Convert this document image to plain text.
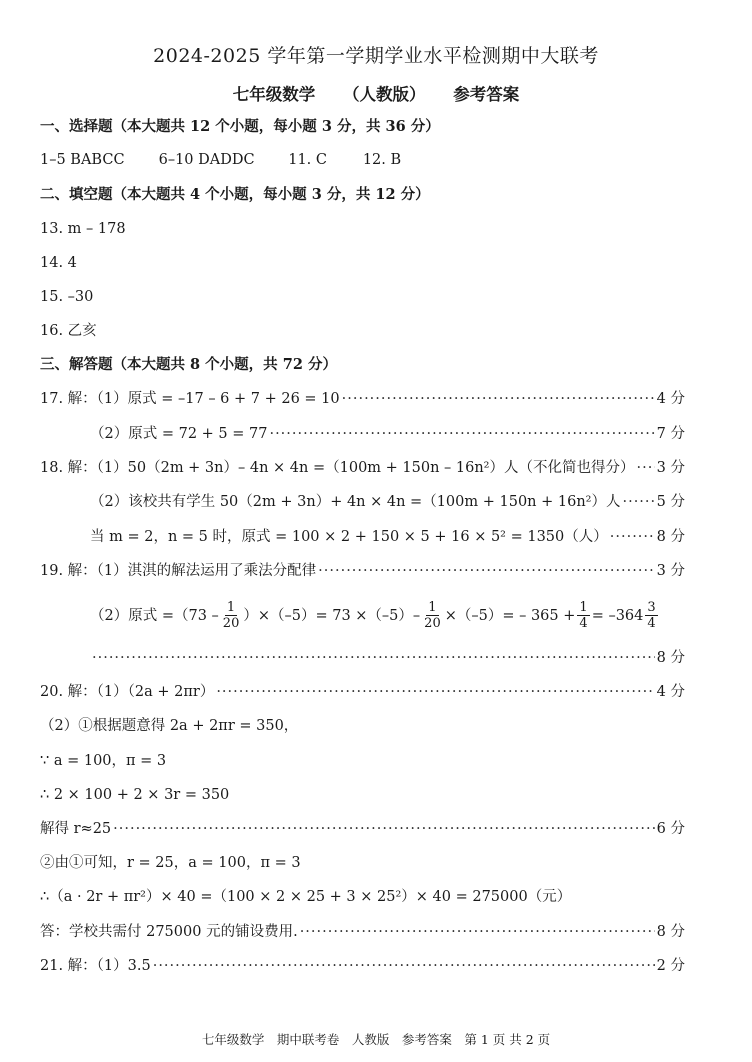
2024-2025 学年第一学期学业水平检测期中大联考
七年级数学 （人教版） 参考答案
一、选择题（本大题共 12 个小题，每小题 3 分，共 36 分）
1–5 BABCC 6–10 DADDC 11. C 12. B
二、填空题（本大题共 4 个小题，每小题 3 分，共 12 分）
13. m – 178
14. 4
15. –30
16. 乙亥
三、解答题（本大题共 8 个小题，共 72 分）
17. 解：（1）原式 = –17 – 6 + 7 + 26 = 10 ·····	4 分
（2）原式 = 72 + 5 = 77 ·····	7 分
18. 解：（1）50（2m + 3n）– 4n × 4n =（100m + 150n – 16n²）人（不化简也得分） ····· 3 分
（2）该校共有学生 50（2m + 3n）+ 4n × 4n =（100m + 150n + 16n²）人 ····· 5 分
当 m = 2，n = 5 时，原式 = 100 × 2 + 150 × 5 + 16 × 5² = 1350（人） ·····	8 分
19. 解：（1）淇淇的解法运用了乘法分配律 ·····	3 分
（2）原式 $=(73 - \frac{1}{20} )\times(-5)= 73 \times(-5)- \frac{1}{20} \times(-5)= - 365 + \frac{1}{4} = -364 \frac{3}{4}$
·····
8 分
20. 解：（1）（2a + 2πr） ·····	4 分
（2）①根据题意得 2a + 2πr = 350，
∵ a = 100，π = 3
∴ 2 × 100 + 2 × 3r = 350
解得 r≈25 ·····	6 分
②由①可知，r = 25，a = 100，π = 3
∴（a · 2r + πr²）× 40 =（100 × 2 × 25 + 3 × 25²）× 40 = 275000（元）
答：学校共需付 275000 元的铺设费用. ·····	8 分
21. 解：（1）3.5 ·····	2 分
七年级数学　期中联考卷　人教版　参考答案　第 1 页 共 2 页
